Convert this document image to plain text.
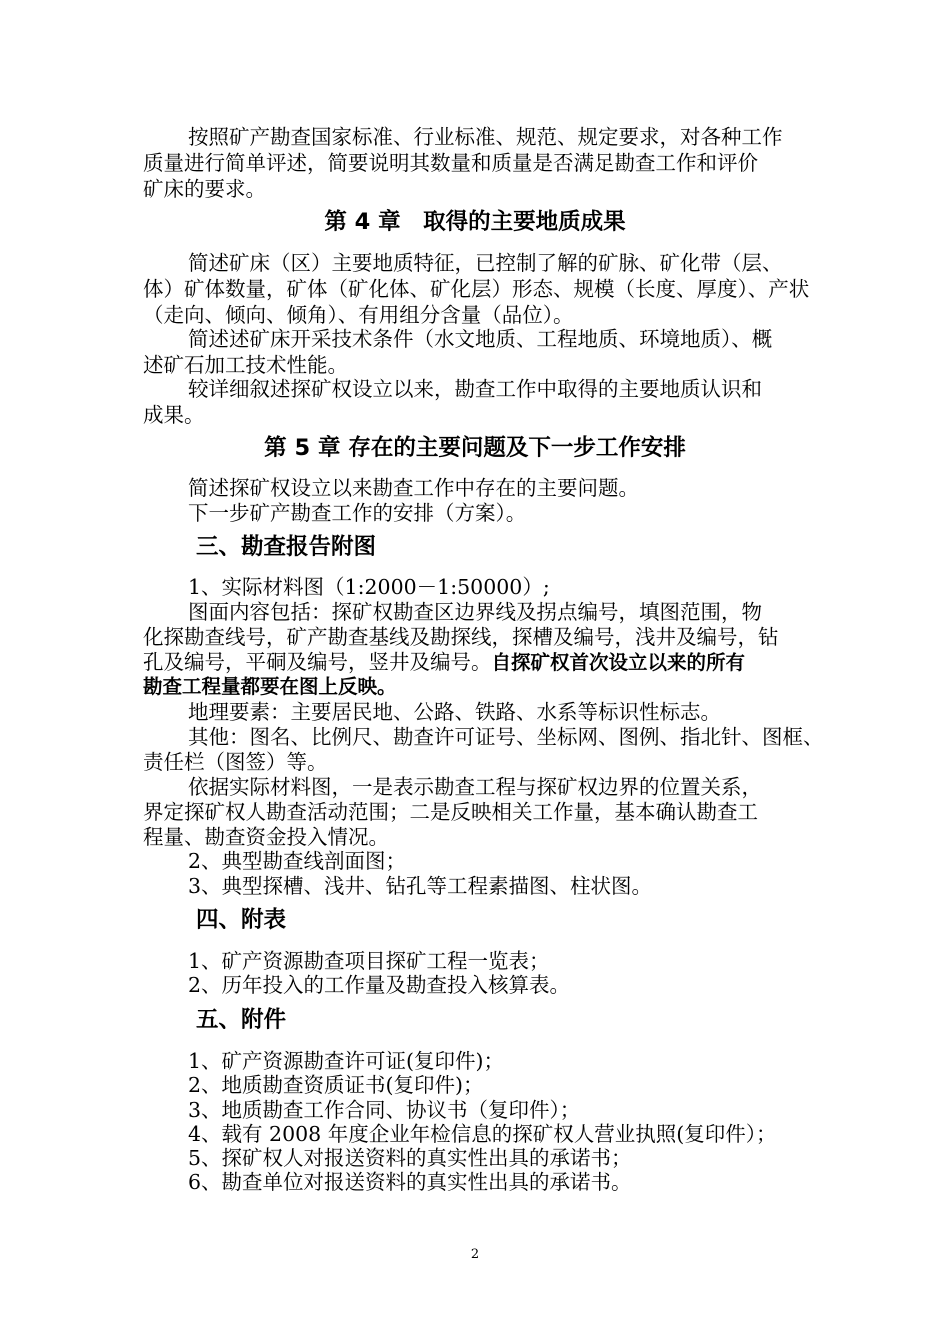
按照矿产勘查国家标准、行业标准、规范、规定要求，对各种工作
质量进行简单评述，简要说明其数量和质量是否满足勘查工作和评价
矿床的要求。
第 4 章　取得的主要地质成果
简述矿床（区）主要地质特征，已控制了解的矿脉、矿化带（层、
体）矿体数量，矿体（矿化体、矿化层）形态、规模（长度、厚度）、产状
（走向、倾向、倾角）、有用组分含量（品位）。
简述述矿床开采技术条件（水文地质、工程地质、环境地质）、概
述矿石加工技术性能。
较详细叙述探矿权设立以来，勘查工作中取得的主要地质认识和
成果。
第 5 章 存在的主要问题及下一步工作安排
简述探矿权设立以来勘查工作中存在的主要问题。
下一步矿产勘查工作的安排（方案）。
三、勘查报告附图
1、实际材料图（1:2000－1:50000）;
图面内容包括：探矿权勘查区边界线及拐点编号，填图范围，物
化探勘查线号，矿产勘查基线及勘探线，探槽及编号，浅井及编号，钻
孔及编号，平硐及编号，竖井及编号。自探矿权首次设立以来的所有
勘查工程量都要在图上反映。
地理要素：主要居民地、公路、铁路、水系等标识性标志。
其他：图名、比例尺、勘查许可证号、坐标网、图例、指北针、图框、
责任栏（图签）等。
依据实际材料图，一是表示勘查工程与探矿权边界的位置关系，
界定探矿权人勘查活动范围；二是反映相关工作量，基本确认勘查工
程量、勘查资金投入情况。
2、典型勘查线剖面图；
3、典型探槽、浅井、钻孔等工程素描图、柱状图。
四、附表
1、矿产资源勘查项目探矿工程一览表；
2、历年投入的工作量及勘查投入核算表。
五、附件
1、矿产资源勘查许可证(复印件)；
2、地质勘查资质证书(复印件)；
3、地质勘查工作合同、协议书（复印件）；
4、载有 2008 年度企业年检信息的探矿权人营业执照(复印件）；
5、探矿权人对报送资料的真实性出具的承诺书；
6、勘查单位对报送资料的真实性出具的承诺书。
2
